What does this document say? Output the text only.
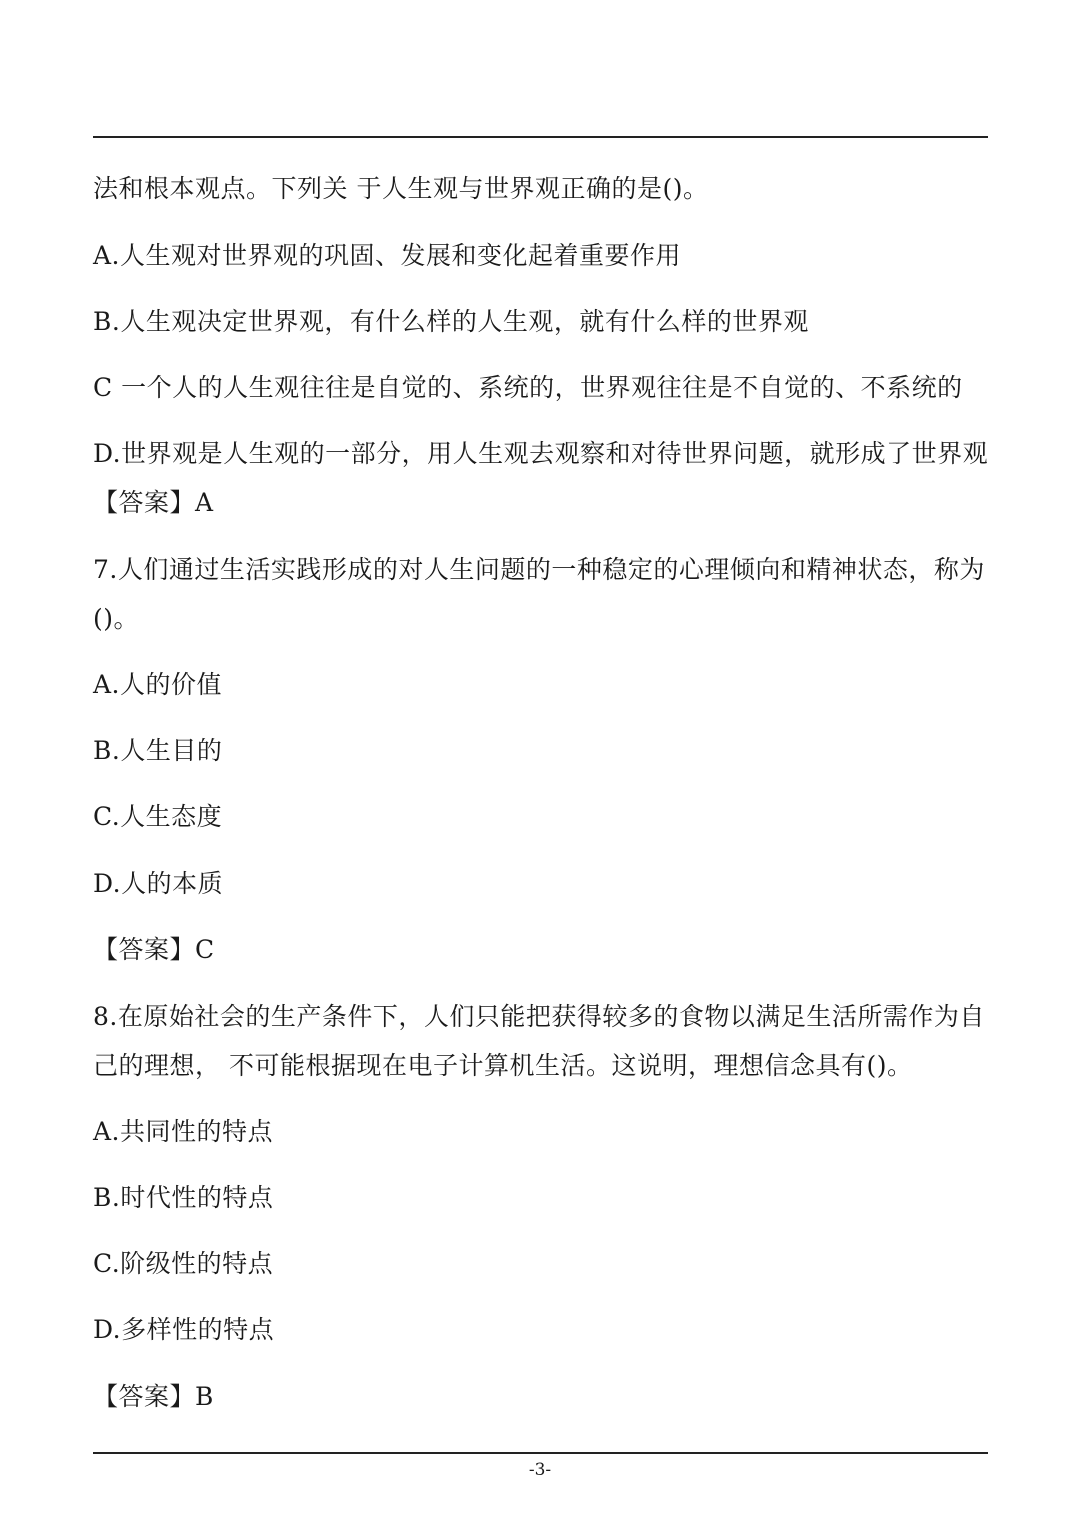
法和根本观点。下列关 于人生观与世界观正确的是()。
A.人生观对世界观的巩固、发展和变化起着重要作用
B.人生观决定世界观，有什么样的人生观，就有什么样的世界观
C 一个人的人生观往往是自觉的、系统的，世界观往往是不自觉的、不系统的
D.世界观是人生观的一部分，用人生观去观察和对待世界问题，就形成了世界观
【答案】A
7.人们通过生活实践形成的对人生问题的一种稳定的心理倾向和精神状态，称为
()。
A.人的价值
B.人生目的
C.人生态度
D.人的本质
【答案】C
8.在原始社会的生产条件下，人们只能把获得较多的食物以满足生活所需作为自
己的理想， 不可能根据现在电子计算机生活。这说明，理想信念具有()。
A.共同性的特点
B.时代性的特点
C.阶级性的特点
D.多样性的特点
【答案】B
-3-
